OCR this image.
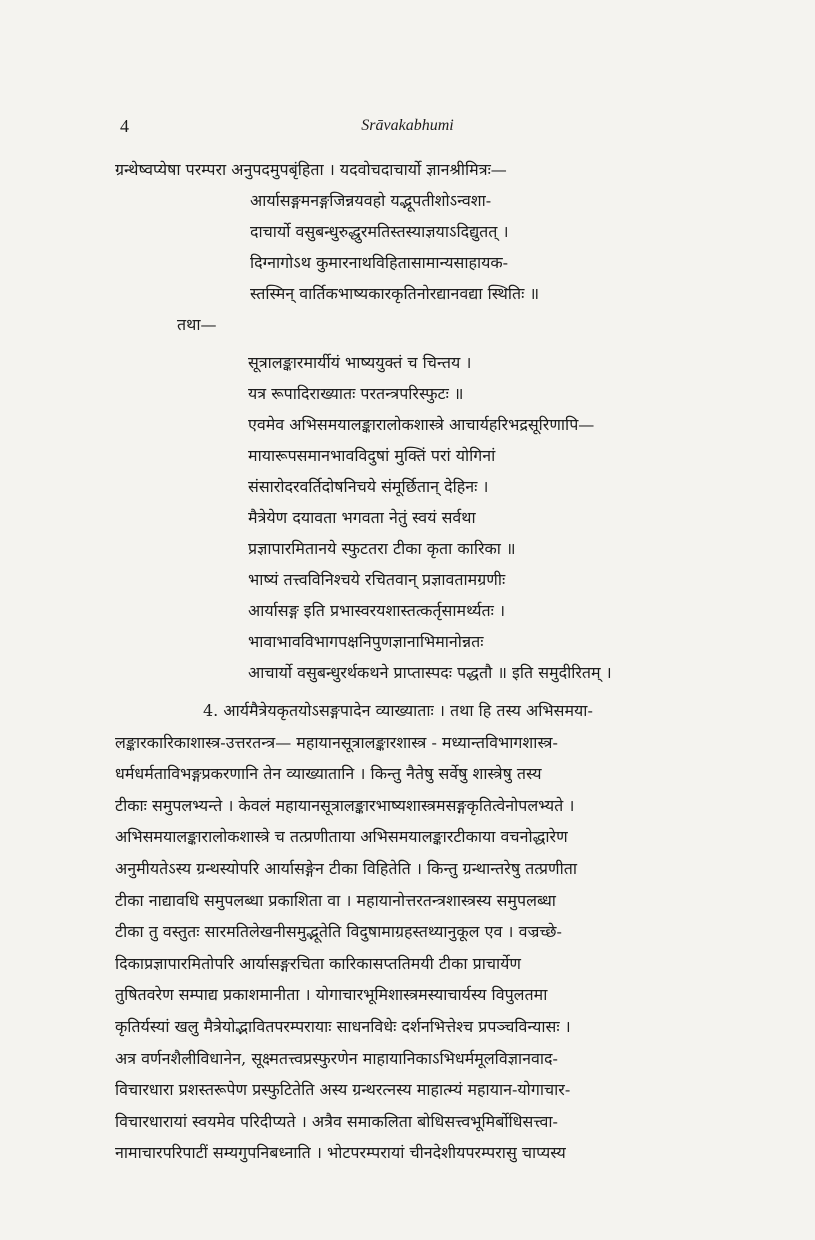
4	Srāvakabhumi
ग्रन्थेष्वप्येषा परम्परा अनुपदमुपबृंहिता । यदवोचदाचार्यो ज्ञानश्रीमित्रः—
आर्यासङ्गमनङ्गजिन्नयवहो यद्भूपतीशोऽन्वशा-
दाचार्यो वसुबन्धुरुद्धुरमतिस्तस्याज्ञयाऽदिद्युतत् ।
दिग्नागोऽथ कुमारनाथविहितासामान्यसाहायक-
स्तस्मिन् वार्तिकभाष्यकारकृतिनोरद्यानवद्या स्थितिः ॥
तथा—
सूत्रालङ्कारमार्यीयं भाष्ययुक्तं च चिन्तय ।
यत्र रूपादिराख्यातः परतन्त्रपरिस्फुटः ॥
एवमेव अभिसमयालङ्कारालोकशास्त्रे आचार्यहरिभद्रसूरिणापि—
मायारूपसमानभावविदुषां मुक्तिं परां योगिनां
संसारोदरवर्तिदोषनिचये संमूर्छितान् देहिनः ।
मैत्रेयेण दयावता भगवता नेतुं स्वयं सर्वथा
प्रज्ञापारमितानये स्फुटतरा टीका कृता कारिका ॥
भाष्यं तत्त्वविनिश्चये रचितवान् प्रज्ञावतामग्रणीः
आर्यासङ्ग इति प्रभास्वरयशास्तत्कर्तृसामर्थ्यतः ।
भावाभावविभागपक्षनिपुणज्ञानाभिमानोन्नतः
आचार्यो वसुबन्धुरर्थकथने प्राप्तास्पदः पद्धतौ ॥ इति समुदीरितम् ।
4. आर्यमैत्रेयकृतयोऽसङ्गपादेन व्याख्याताः । तथा हि तस्य अभिसमया-
लङ्कारकारिकाशास्त्र-उत्तरतन्त्र— महायानसूत्रालङ्कारशास्त्र - मध्यान्तविभागशास्त्र-
धर्मधर्मताविभङ्गप्रकरणानि तेन व्याख्यातानि । किन्तु नैतेषु सर्वेषु शास्त्रेषु तस्य
टीकाः समुपलभ्यन्ते । केवलं महायानसूत्रालङ्कारभाष्यशास्त्रमसङ्गकृतित्वेनोपलभ्यते ।
अभिसमयालङ्कारालोकशास्त्रे च तत्प्रणीताया अभिसमयालङ्कारटीकाया वचनोद्धारेण
अनुमीयतेऽस्य ग्रन्थस्योपरि आर्यासङ्गेन टीका विहितेति । किन्तु ग्रन्थान्तरेषु तत्प्रणीता
टीका नाद्यावधि समुपलब्धा प्रकाशिता वा । महायानोत्तरतन्त्रशास्त्रस्य समुपलब्धा
टीका तु वस्तुतः सारमतिलेखनीसमुद्भूतेति विदुषामाग्रहस्तथ्यानुकूल एव । वज्रच्छे-
दिकाप्रज्ञापारमितोपरि आर्यासङ्गरचिता कारिकासप्ततिमयी टीका प्राचार्येण
तुषितवरेण सम्पाद्य प्रकाशमानीता । योगाचारभूमिशास्त्रमस्याचार्यस्य विपुलतमा
कृतिर्यस्यां खलु मैत्रेयोद्भावितपरम्परायाः साधनविधेः दर्शनभित्तेश्च प्रपञ्चविन्यासः ।
अत्र वर्णनशैलीविधानेन, सूक्ष्मतत्त्वप्रस्फुरणेन माहायानिकाऽभिधर्ममूलविज्ञानवाद-
विचारधारा प्रशस्तरूपेण प्रस्फुटितेति अस्य ग्रन्थरत्नस्य माहात्म्यं महायान-योगाचार-
विचारधारायां स्वयमेव परिदीप्यते । अत्रैव समाकलिता बोधिसत्त्वभूमिर्बोधिसत्त्वा-
नामाचारपरिपाटीं सम्यगुपनिबध्नाति । भोटपरम्परायां चीनदेशीयपरम्परासु चाप्यस्य
